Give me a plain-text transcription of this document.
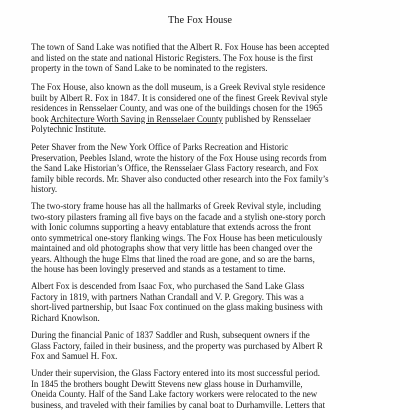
The Fox House

The town of Sand Lake was notified that the Albert R. Fox House has been accepted
and listed on the state and national Historic Registers. The Fox house is the first
property in the town of Sand Lake to be nominated to the registers.

The Fox House, also known as the doll museum, is a Greek Revival style residence
built by Albert R. Fox in 1847. It is considered one of the finest Greek Revival style
residences in Rensselaer County, and was one of the buildings chosen for the 1965
book Architecture Worth Saving in Rensselaer County published by Rensselaer
Polytechnic Institute.

Peter Shaver from the New York Office of Parks Recreation and Historic
Preservation, Peebles Island, wrote the history of the Fox House using records from
the Sand Lake Historian’s Office, the Rensselaer Glass Factory research, and Fox
family bible records. Mr. Shaver also conducted other research into the Fox family’s
history.

The two-story frame house has all the hallmarks of Greek Revival style, including
two-story pilasters framing all five bays on the facade and a stylish one-story porch
with Ionic columns supporting a heavy entablature that extends across the front
onto symmetrical one-story flanking wings. The Fox House has been meticulously
maintained and old photographs show that very little has been changed over the
years. Although the huge Elms that lined the road are gone, and so are the barns,
the house has been lovingly preserved and stands as a testament to time.

Albert Fox is descended from Isaac Fox, who purchased the Sand Lake Glass
Factory in 1819, with partners Nathan Crandall and V. P. Gregory. This was a
short-lived partnership, but Isaac Fox continued on the glass making business with
Richard Knowlson.

During the financial Panic of 1837 Saddler and Rush, subsequent owners if the
Glass Factory, failed in their business, and the property was purchased by Albert R
Fox and Samuel H. Fox.

Under their supervision, the Glass Factory entered into its most successful period.
In 1845 the brothers bought Dewitt Stevens new glass house in Durhamville,
Oneida County. Half of the Sand Lake factory workers were relocated to the new
business, and traveled with their families by canal boat to Durhamville. Letters that
